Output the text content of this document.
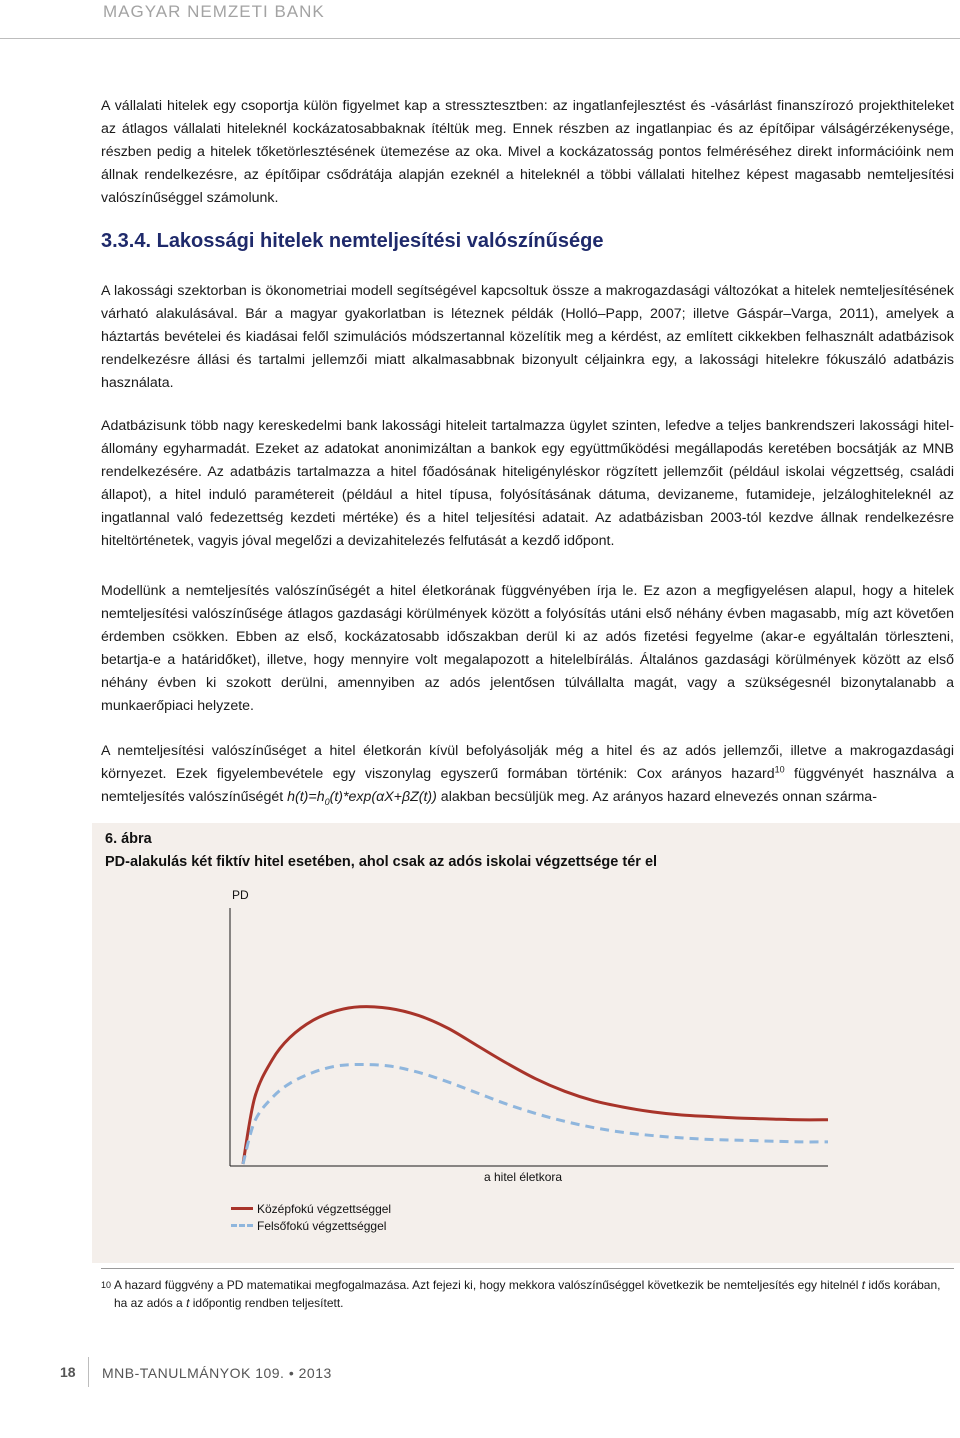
MAGYAR NEMZETI BANK

A vállalati hitelek egy csoportja külön figyelmet kap a stressztesztben: az ingatlanfejlesztést és -vásárlást finanszírozó projekthiteleket az átlagos vállalati hiteleknél kockázatosabbaknak ítéltük meg. Ennek részben az ingatlanpiac és az építőipar válságérzékenysége, részben pedig a hitelek tőketörlesztésének ütemezése az oka. Mivel a kockázatosság pontos felméréséhez direkt információink nem állnak rendelkezésre, az építőipar csődrátája alapján ezeknél a hiteleknél a többi vállalati hitelhez képest magasabb nemteljesítési valószínűséggel számolunk.

3.3.4. Lakossági hitelek nemteljesítési valószínűsége

A lakossági szektorban is ökonometriai modell segítségével kapcsoltuk össze a makrogazdasági változókat a hitelek nemteljesítésének várható alakulásával. Bár a magyar gyakorlatban is léteznek példák (Holló–Papp, 2007; illetve Gáspár–Varga, 2011), amelyek a háztartás bevételei és kiadásai felől szimulációs módszertannal közelítik meg a kérdést, az említett cikkekben felhasznált adatbázisok rendelkezésre állási és tartalmi jellemzői miatt alkalmasabbnak bizonyult céljainkra egy, a lakossági hitelekre fókuszáló adatbázis használata.

Adatbázisunk több nagy kereskedelmi bank lakossági hiteleit tartalmazza ügylet szinten, lefedve a teljes bankrendszeri lakossági hitel-állomány egyharmadát. Ezeket az adatokat anonimizáltan a bankok egy együttműködési megállapodás keretében bocsátják az MNB rendelkezésére. Az adatbázis tartalmazza a hitel főadósának hiteligényléskor rögzített jellemzőit (például iskolai végzettség, családi állapot), a hitel induló paramétereit (például a hitel típusa, folyósításának dátuma, devizaneme, futamideje, jelzáloghiteleknél az ingatlannal való fedezettség kezdeti mértéke) és a hitel teljesítési adatait. Az adatbázisban 2003-tól kezdve állnak rendelkezésre hiteltörténetek, vagyis jóval megelőzi a devizahitelezés felfutását a kezdő időpont.

Modellünk a nemteljesítés valószínűségét a hitel életkorának függvényében írja le. Ez azon a megfigyelésen alapul, hogy a hitelek nemteljesítési valószínűsége átlagos gazdasági körülmények között a folyósítás utáni első néhány évben magasabb, míg azt követően érdemben csökken. Ebben az első, kockázatosabb időszakban derül ki az adós fizetési fegyelme (akar-e egyáltalán törleszteni, betartja-e a határidőket), illetve, hogy mennyire volt megalapozott a hitelelbírálás. Általános gazdasági körülmények között az első néhány évben ki szokott derülni, amennyiben az adós jelentősen túlvállalta magát, vagy a szükségesnél bizonytalanabb a munkaerőpiaci helyzete.

A nemteljesítési valószínűséget a hitel életkorán kívül befolyásolják még a hitel és az adós jellemzői, illetve a makrogazdasági környezet. Ezek figyelembevétele egy viszonylag egyszerű formában történik: Cox arányos hazard$^{10}$ függvényét használva a nemteljesítés valószínűségét $h(t)=h_0(t)*\exp(\alpha X+\beta Z(t))$ alakban becsüljük meg. Az arányos hazard elnevezés onnan szárma-

6. ábra
PD-alakulás két fiktív hitel esetében, ahol csak az adós iskolai végzettsége tér el
PD
a hitel életkora
Középfokú végzettséggel
Felsőfokú végzettséggel

10 A hazard függvény a PD matematikai megfogalmazása. Azt fejezi ki, hogy mekkora valószínűséggel következik be nemteljesítés egy hitelnél t idős korában, ha az adós a t időpontig rendben teljesített.

18 MNB-TANULMÁNYOK 109. • 2013
